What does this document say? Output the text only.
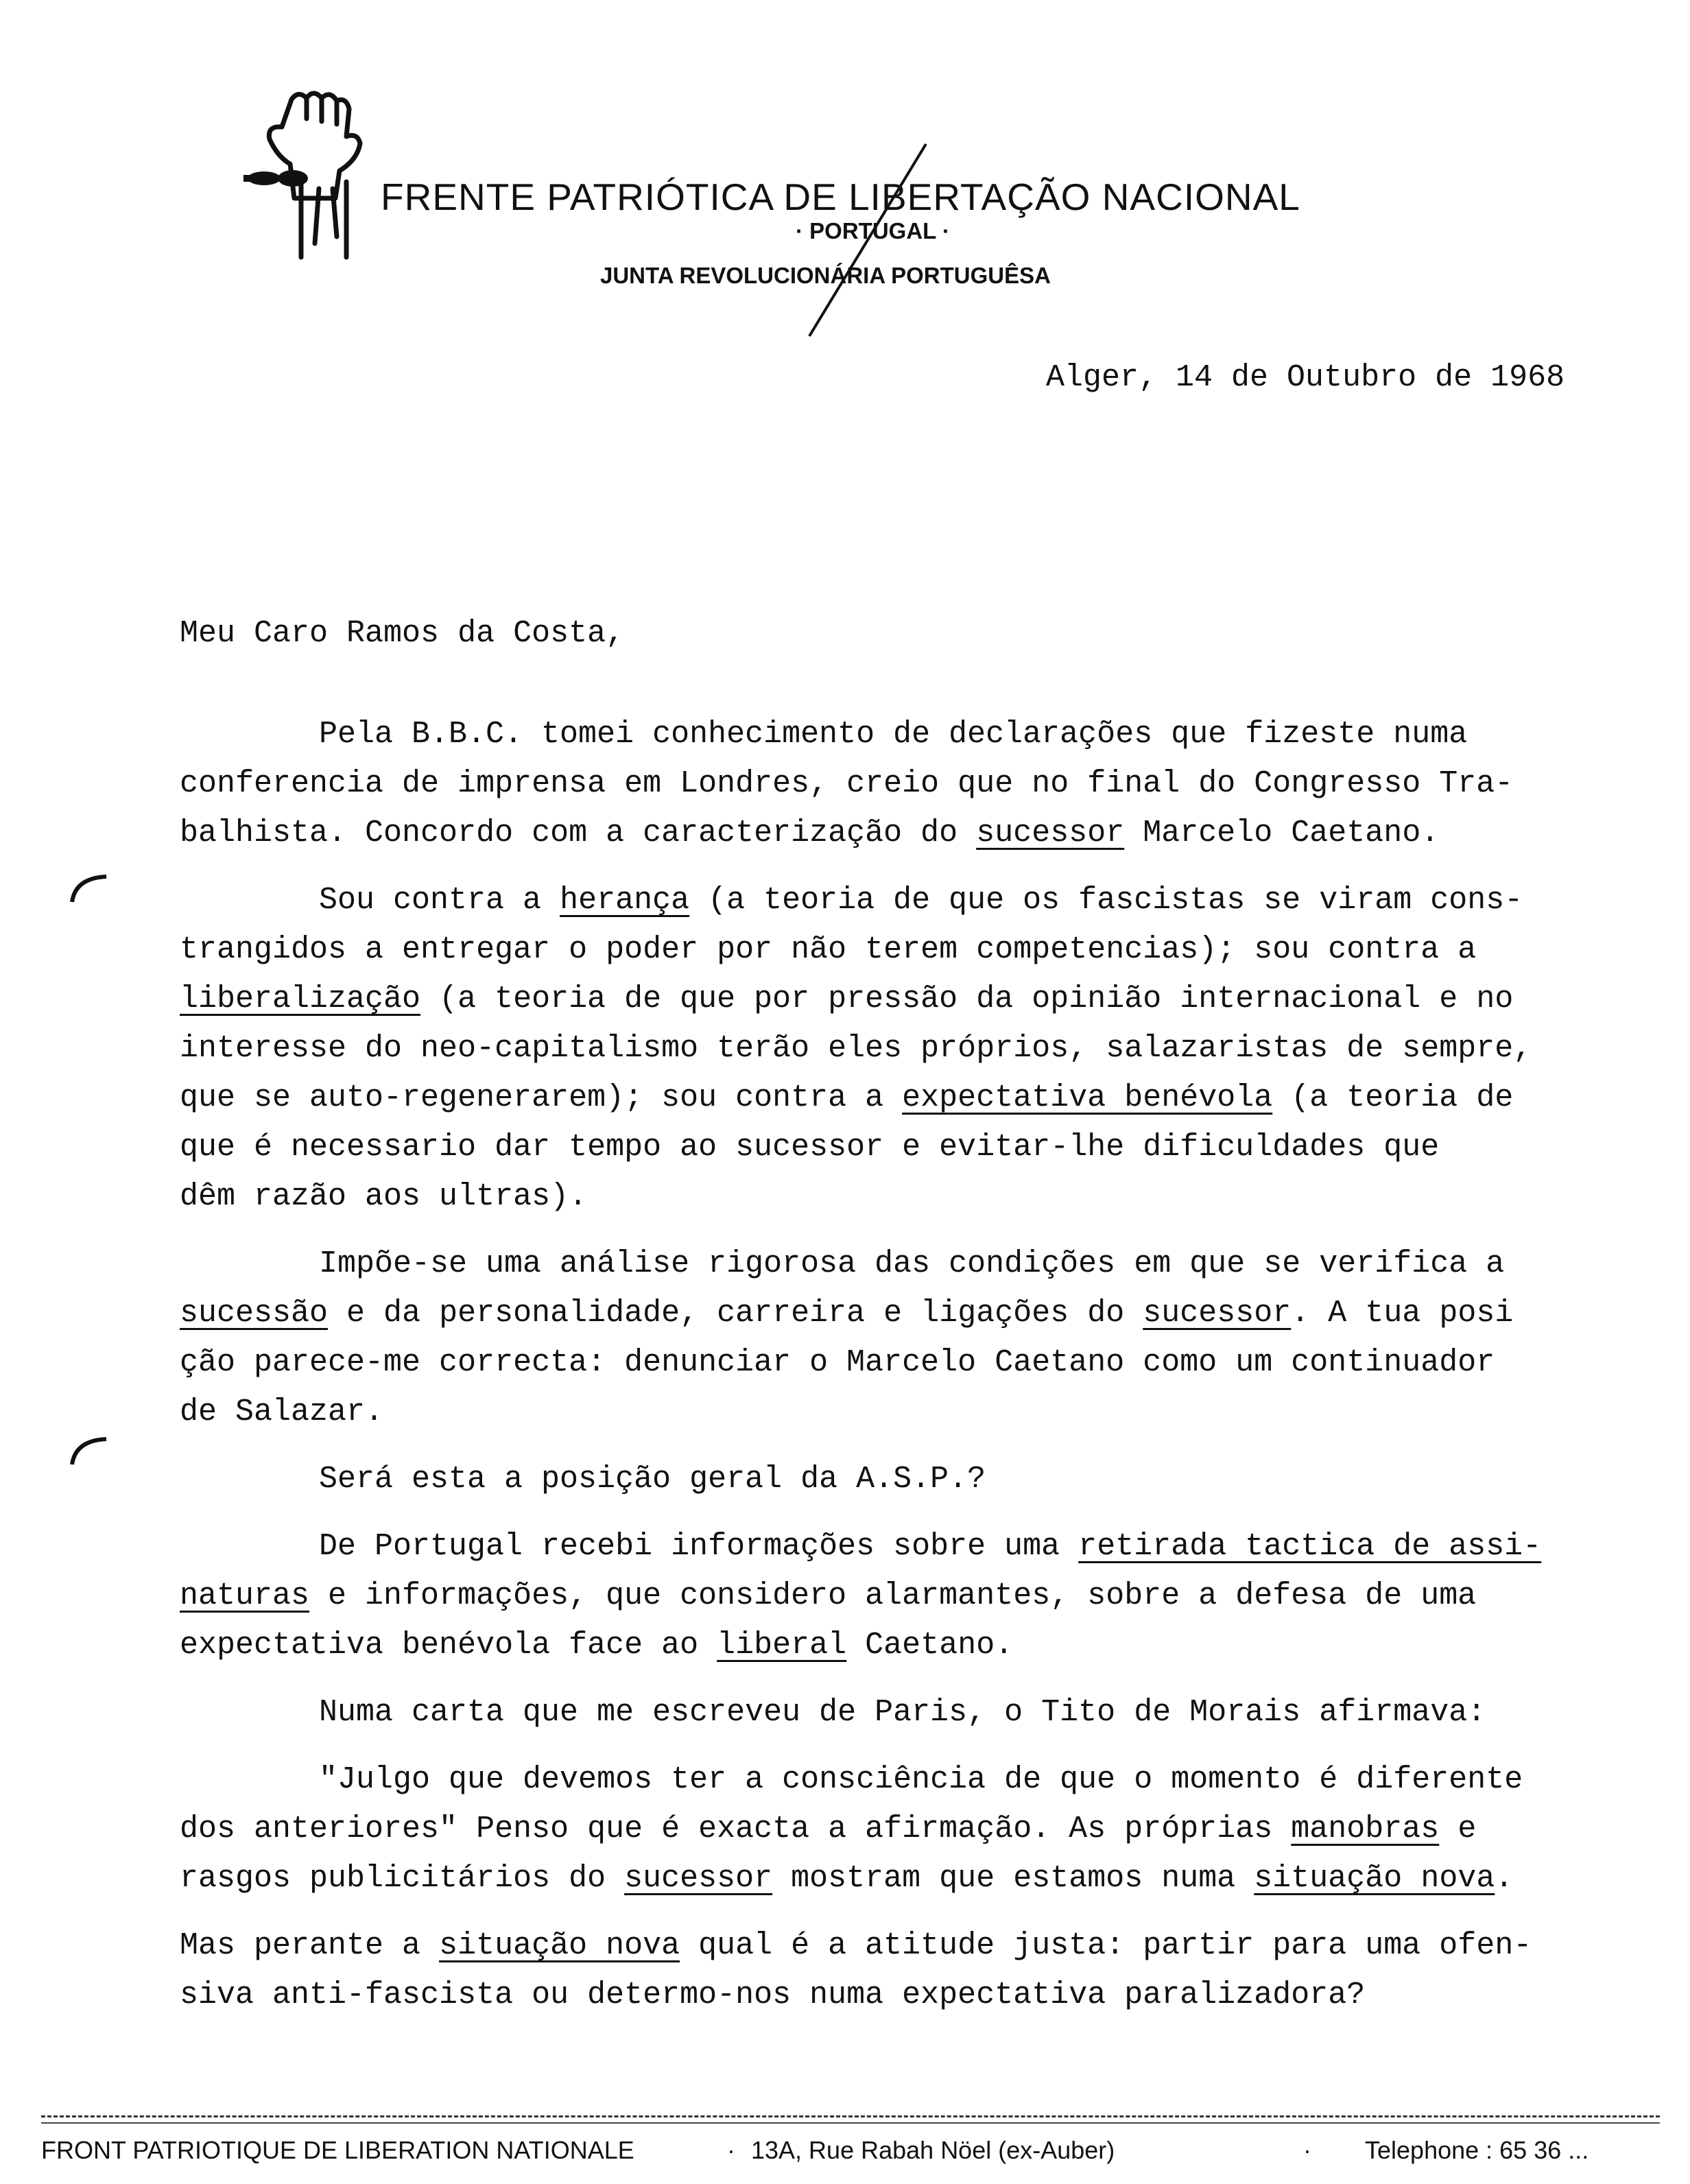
FRENTE PATRIÓTICA DE LIBERTAÇÃO NACIONAL
· PORTUGAL ·
JUNTA REVOLUCIONÁRIA PORTUGUÊSA
Alger, 14 de Outubro de 1968
Meu Caro Ramos da Costa,
Pela B.B.C. tomei conhecimento de declarações que fizeste numa
conferencia de imprensa em Londres, creio que no final do Congresso Tra-
balhista. Concordo com a caracterização do sucessor Marcelo Caetano.
Sou contra a herança (a teoria de que os fascistas se viram cons-
trangidos a entregar o poder por não terem competencias); sou contra a
liberalização (a teoria de que por pressão da opinião internacional e no
interesse do neo-capitalismo terão eles próprios, salazaristas de sempre,
que se auto-regenerarem); sou contra a expectativa benévola (a teoria de
que é necessario dar tempo ao sucessor e evitar-lhe dificuldades que
dêm razão aos ultras).
Impõe-se uma análise rigorosa das condições em que se verifica a
sucessão e da personalidade, carreira e ligações do sucessor. A tua posi
ção parece-me correcta: denunciar o Marcelo Caetano como um continuador
de Salazar.
Será esta a posição geral da A.S.P.?
De Portugal recebi informações sobre uma retirada tactica de assi-
naturas e informações, que considero alarmantes, sobre a defesa de uma
expectativa benévola face ao liberal Caetano.
Numa carta que me escreveu de Paris, o Tito de Morais afirmava:
"Julgo que devemos ter a consciência de que o momento é diferente
dos anteriores" Penso que é exacta a afirmação. As próprias manobras e
rasgos publicitários do sucessor mostram que estamos numa situação nova.
Mas perante a situação nova qual é a atitude justa: partir para uma ofen-
siva anti-fascista ou determo-nos numa expectativa paralizadora?
FRONT PATRIOTIQUE DE LIBERATION NATIONALE	· 13A, Rue Rabah Nöel (ex-Auber)	· Telephone : 65 36 ...
